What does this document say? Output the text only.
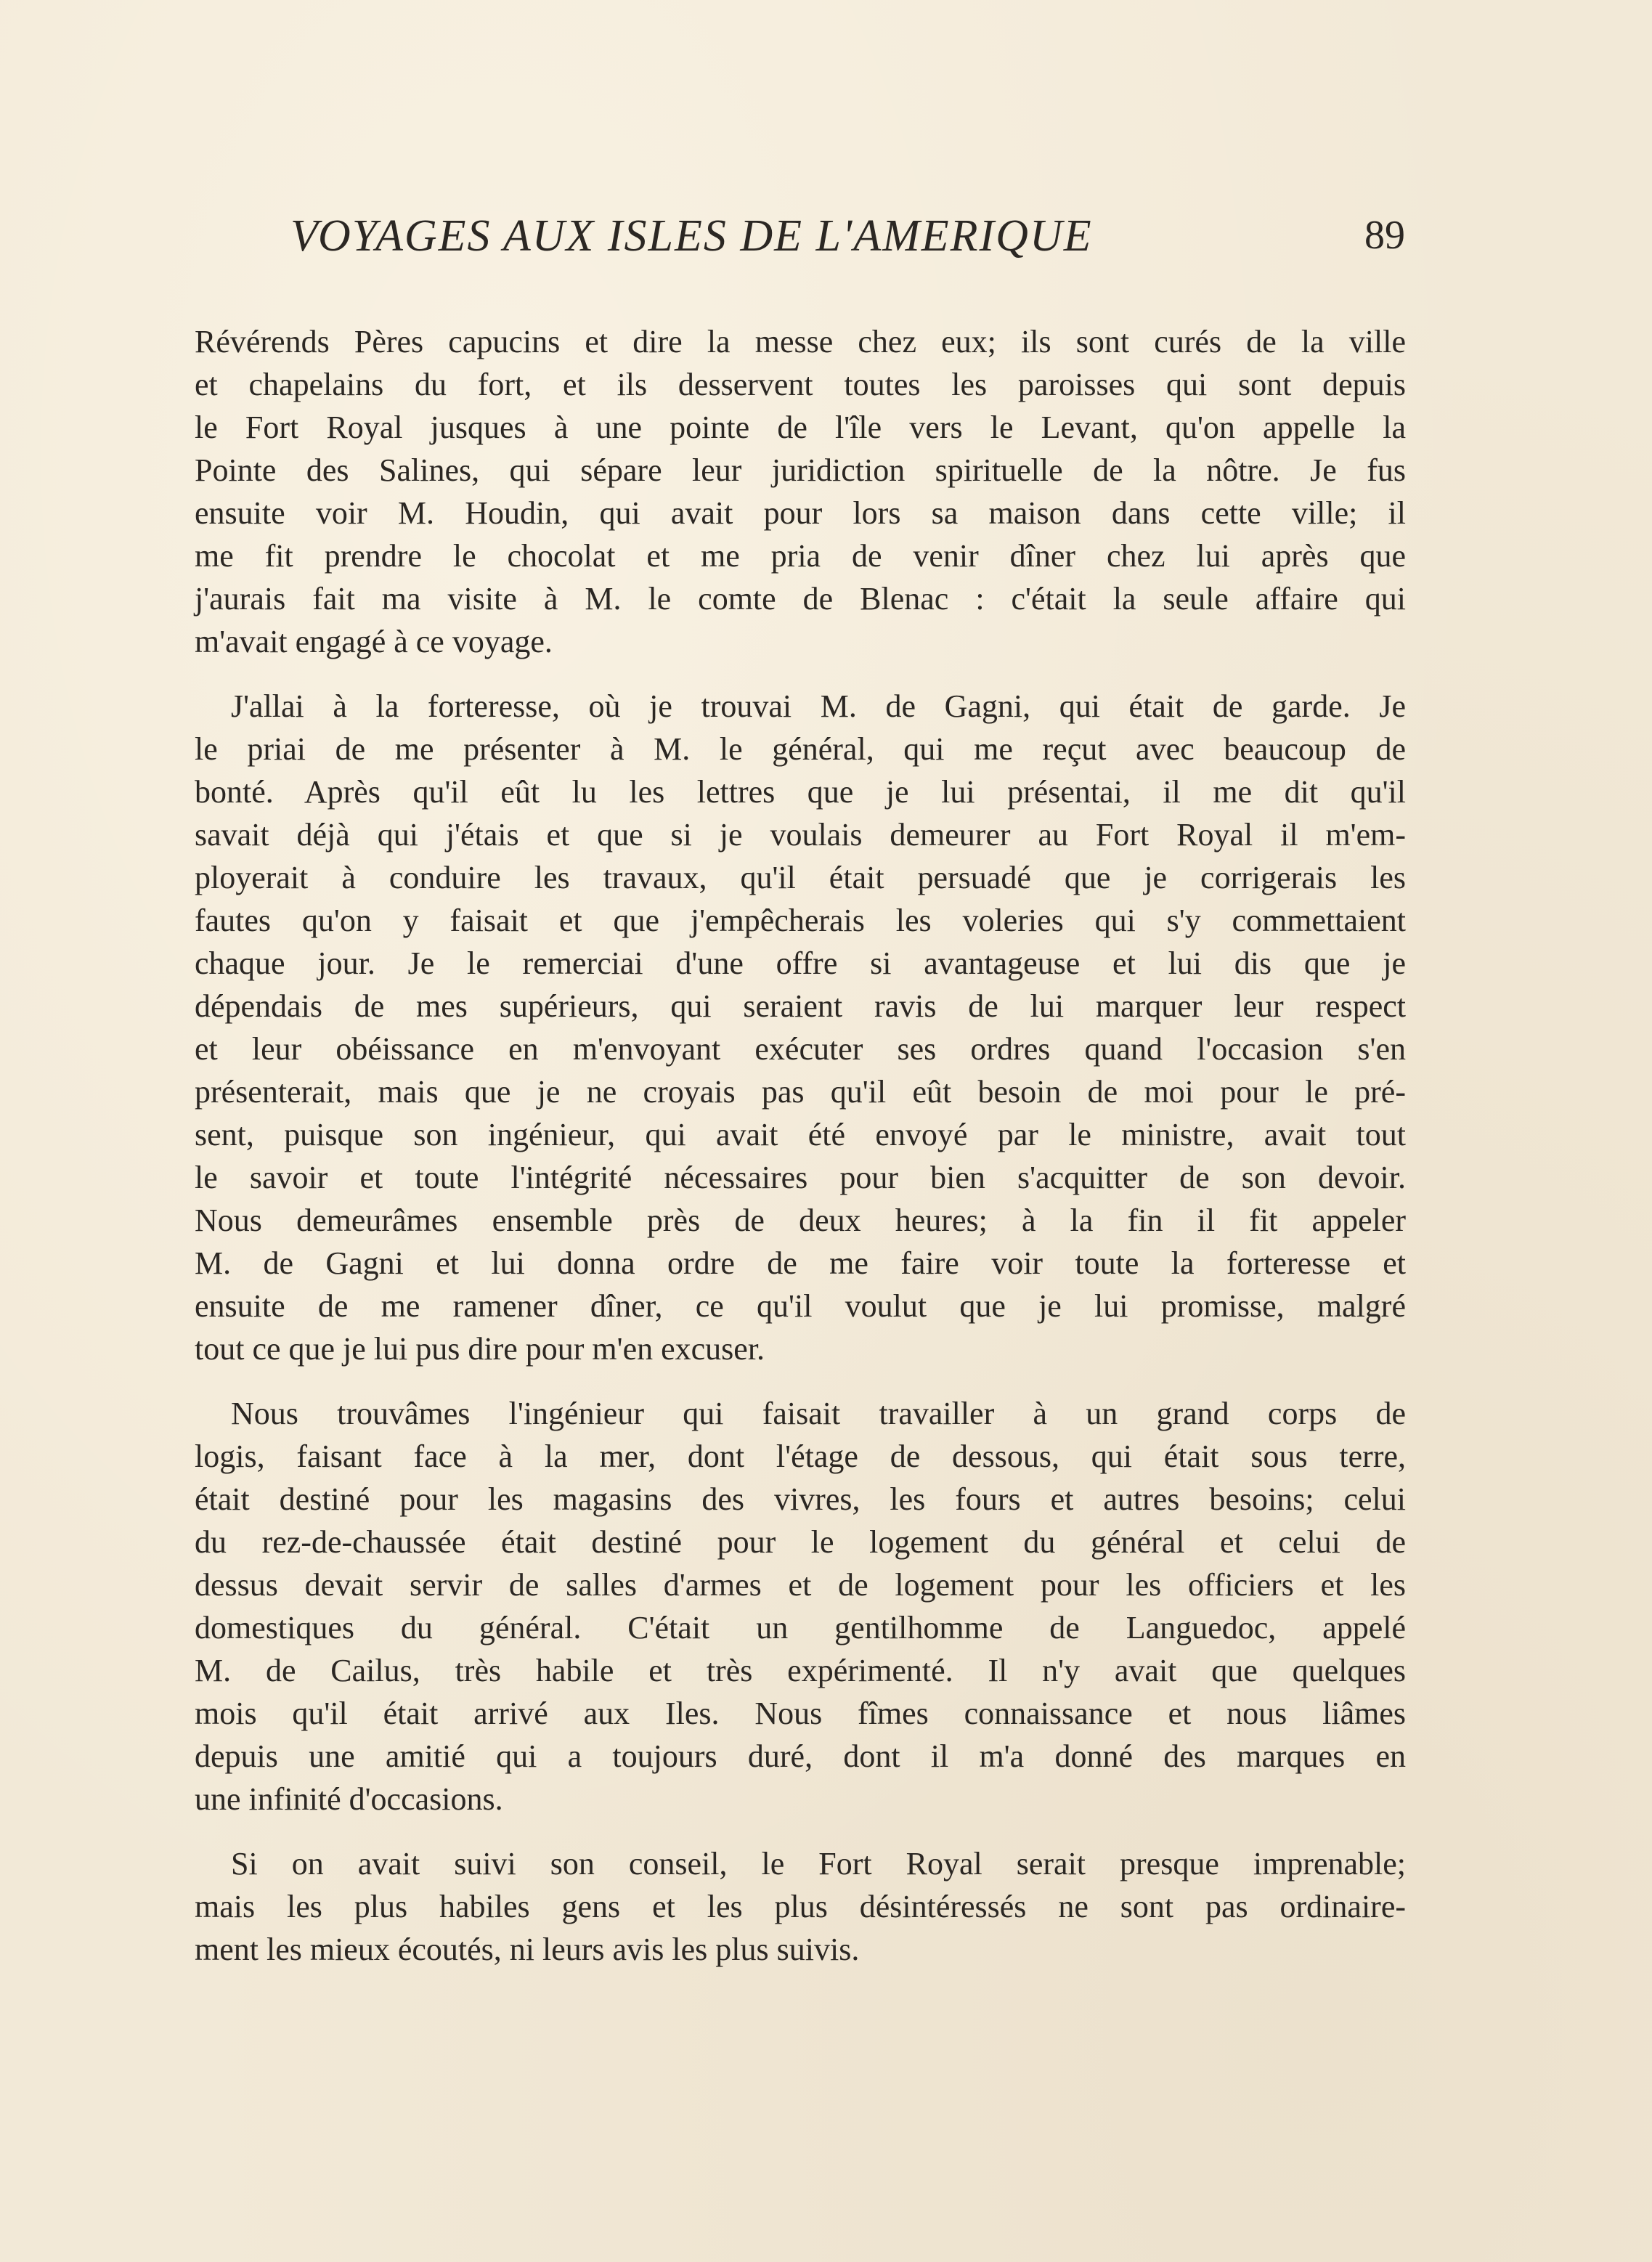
VOYAGES AUX ISLES DE L'AMERIQUE	89
Révérends Pères capucins et dire la messe chez eux; ils sont curés de la ville
et chapelains du fort, et ils desservent toutes les paroisses qui sont depuis
le Fort Royal jusques à une pointe de l'île vers le Levant, qu'on appelle la
Pointe des Salines, qui sépare leur juridiction spirituelle de la nôtre. Je fus
ensuite voir M. Houdin, qui avait pour lors sa maison dans cette ville; il
me fit prendre le chocolat et me pria de venir dîner chez lui après que
j'aurais fait ma visite à M. le comte de Blenac : c'était la seule affaire qui
m'avait engagé à ce voyage.
J'allai à la forteresse, où je trouvai M. de Gagni, qui était de garde. Je
le priai de me présenter à M. le général, qui me reçut avec beaucoup de
bonté. Après qu'il eût lu les lettres que je lui présentai, il me dit qu'il
savait déjà qui j'étais et que si je voulais demeurer au Fort Royal il m'em-
ployerait à conduire les travaux, qu'il était persuadé que je corrigerais les
fautes qu'on y faisait et que j'empêcherais les voleries qui s'y commettaient
chaque jour. Je le remerciai d'une offre si avantageuse et lui dis que je
dépendais de mes supérieurs, qui seraient ravis de lui marquer leur respect
et leur obéissance en m'envoyant exécuter ses ordres quand l'occasion s'en
présenterait, mais que je ne croyais pas qu'il eût besoin de moi pour le pré-
sent, puisque son ingénieur, qui avait été envoyé par le ministre, avait tout
le savoir et toute l'intégrité nécessaires pour bien s'acquitter de son devoir.
Nous demeurâmes ensemble près de deux heures; à la fin il fit appeler
M. de Gagni et lui donna ordre de me faire voir toute la forteresse et
ensuite de me ramener dîner, ce qu'il voulut que je lui promisse, malgré
tout ce que je lui pus dire pour m'en excuser.
Nous trouvâmes l'ingénieur qui faisait travailler à un grand corps de
logis, faisant face à la mer, dont l'étage de dessous, qui était sous terre,
était destiné pour les magasins des vivres, les fours et autres besoins; celui
du rez-de-chaussée était destiné pour le logement du général et celui de
dessus devait servir de salles d'armes et de logement pour les officiers et les
domestiques du général. C'était un gentilhomme de Languedoc, appelé
M. de Cailus, très habile et très expérimenté. Il n'y avait que quelques
mois qu'il était arrivé aux Iles. Nous fîmes connaissance et nous liâmes
depuis une amitié qui a toujours duré, dont il m'a donné des marques en
une infinité d'occasions.
Si on avait suivi son conseil, le Fort Royal serait presque imprenable;
mais les plus habiles gens et les plus désintéressés ne sont pas ordinaire-
ment les mieux écoutés, ni leurs avis les plus suivis.
